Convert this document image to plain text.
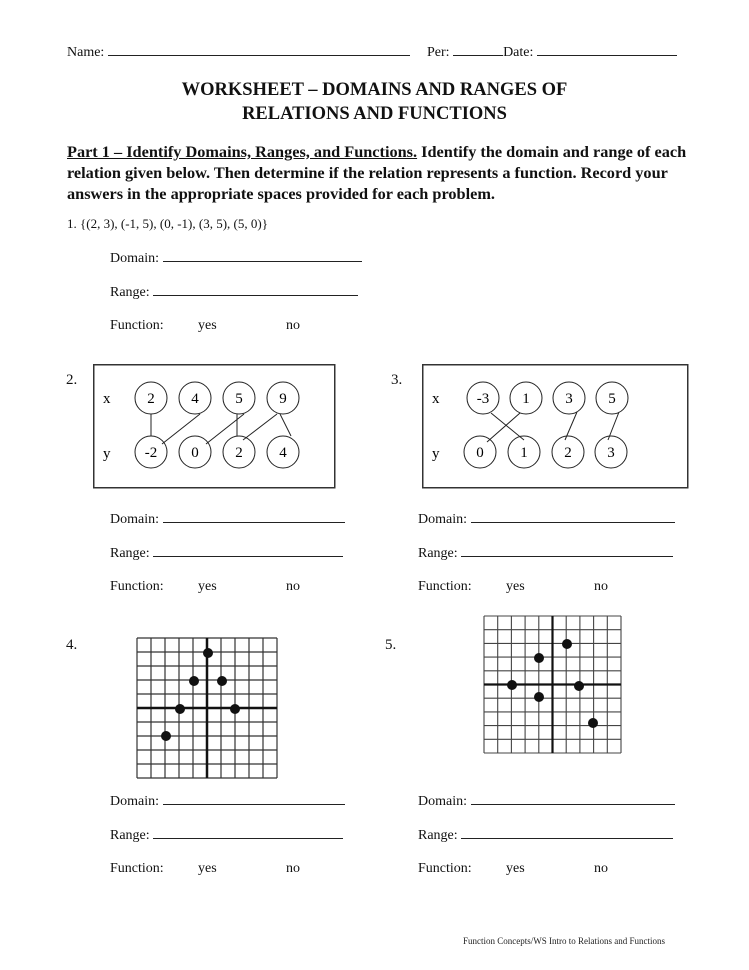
Name:	Per:	Date:
WORKSHEET – DOMAINS AND RANGES OF
RELATIONS AND FUNCTIONS
Part 1 – Identify Domains, Ranges, and Functions. Identify the domain and range of each relation given below. Then determine if the relation represents a function. Record your answers in the appropriate spaces provided for each problem.
1. {(2, 3), (-1, 5), (0, -1), (3, 5), (5, 0)}
Domain:
Range:
Function: yes	no
2.
x
y
2 4 5 9
-2 0 2 4
3.
x
y
-3 1 3 5
0 1 2 3
Domain:
Range:
Function: yes	no
Domain:
Range:
Function: yes	no
4.	5.
Domain:
Range:
Function: yes	no
Domain:
Range:
Function: yes	no
Function Concepts/WS Intro to Relations and Functions
